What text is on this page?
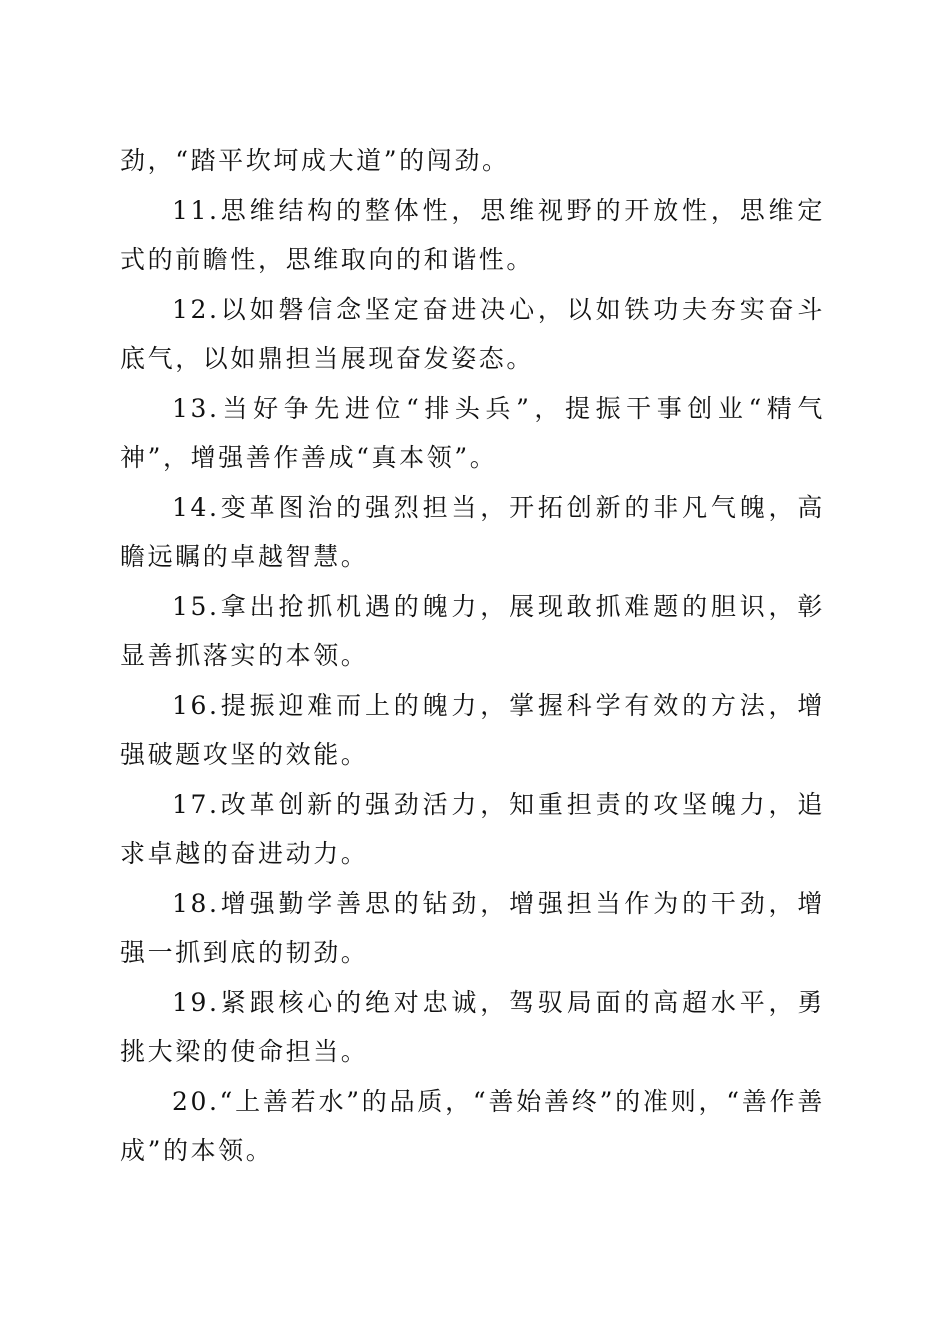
劲，“踏平坎坷成大道”的闯劲。

11.思维结构的整体性，思维视野的开放性，思维定式的前瞻性，思维取向的和谐性。

12.以如磐信念坚定奋进决心，以如铁功夫夯实奋斗底气，以如鼎担当展现奋发姿态。

13.当好争先进位“排头兵”，提振干事创业“精气神”，增强善作善成“真本领”。

14.变革图治的强烈担当，开拓创新的非凡气魄，高瞻远瞩的卓越智慧。

15.拿出抢抓机遇的魄力，展现敢抓难题的胆识，彰显善抓落实的本领。

16.提振迎难而上的魄力，掌握科学有效的方法，增强破题攻坚的效能。

17.改革创新的强劲活力，知重担责的攻坚魄力，追求卓越的奋进动力。

18.增强勤学善思的钻劲，增强担当作为的干劲，增强一抓到底的韧劲。

19.紧跟核心的绝对忠诚，驾驭局面的高超水平，勇挑大梁的使命担当。

20.“上善若水”的品质，“善始善终”的准则，“善作善成”的本领。
